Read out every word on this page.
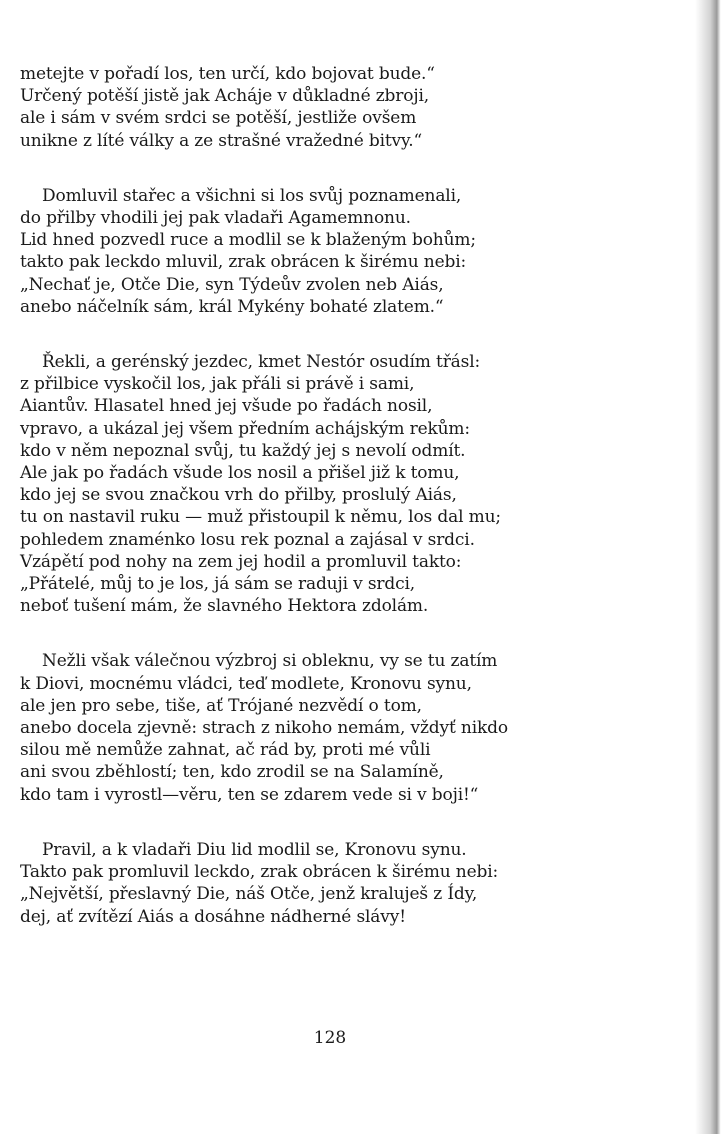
metejte v pořadí los, ten určí, kdo bojovat bude.“
Určený potěší jistě jak Acháje v důkladné zbroji,
ale i sám v svém srdci se potěší, jestliže ovšem
unikne z líté války a ze strašné vražedné bitvy.“
Domluvil stařec a všichni si los svůj poznamenali,
do přilby vhodili jej pak vladaři Agamemnonu.
Lid hned pozvedl ruce a modlil se k blaženým bohům;
takto pak leckdo mluvil, zrak obrácen k širému nebi:
„Nechať je, Otče Die, syn Týdeův zvolen neb Aiás,
anebo náčelník sám, král Mykény bohaté zlatem.“
Řekli, a gerénský jezdec, kmet Nestór osudím třásl:
z přilbice vyskočil los, jak přáli si právě i sami,
Aiantův. Hlasatel hned jej všude po řadách nosil,
vpravo, a ukázal jej všem předním achájským rekům:
kdo v něm nepoznal svůj, tu každý jej s nevolí odmít.
Ale jak po řadách všude los nosil a přišel již k tomu,
kdo jej se svou značkou vrh do přilby, proslulý Aiás,
tu on nastavil ruku — muž přistoupil k němu, los dal mu;
pohledem znaménko losu rek poznal a zajásal v srdci.
Vzápětí pod nohy na zem jej hodil a promluvil takto:
„Přátelé, můj to je los, já sám se raduji v srdci,
neboť tušení mám, že slavného Hektora zdolám.
Nežli však válečnou výzbroj si obleknu, vy se tu zatím
k Diovi, mocnému vládci, teď modlete, Kronovu synu,
ale jen pro sebe, tiše, ať Trójané nezvědí o tom,
anebo docela zjevně: strach z nikoho nemám, vždyť nikdo
silou mě nemůže zahnat, ač rád by, proti mé vůli
ani svou zběhlostí; ten, kdo zrodil se na Salamíně,
kdo tam i vyrostl—věru, ten se zdarem vede si v boji!“
Pravil, a k vladaři Diu lid modlil se, Kronovu synu.
Takto pak promluvil leckdo, zrak obrácen k širému nebi:
„Největší, přeslavný Die, náš Otče, jenž kraluješ z Ídy,
dej, ať zvítězí Aiás a dosáhne nádherné slávy!
128
